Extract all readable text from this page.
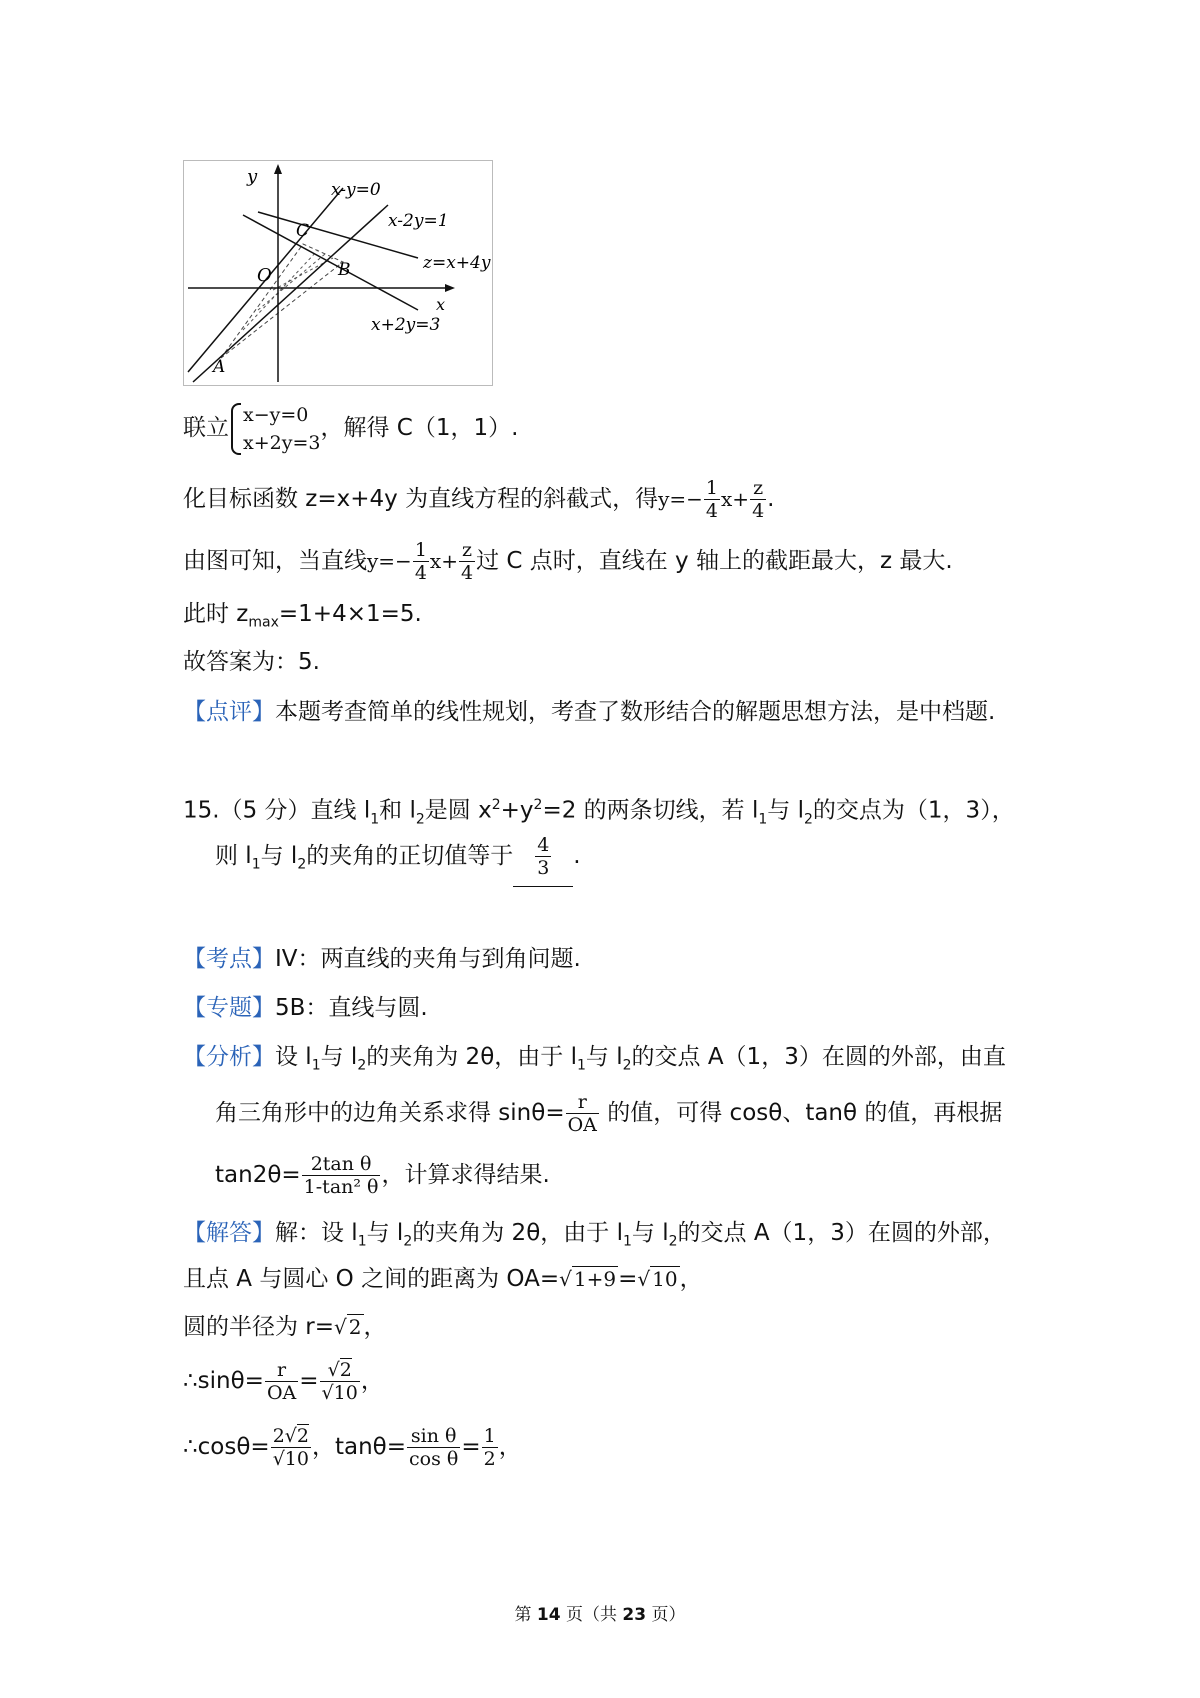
y
x
O
A
B
C
x-y=0
x-2y=1
z=x+4y
x+2y=3
联立
x−y=0
x+2y=3
，解得 C（1，1）.
化目标函数 z=x+4y 为直线方程的斜截式，得$y=- \frac{1}{4} x+ \frac{z}{4}$ .
由图可知，当直线$y=- \frac{1}{4} x+ \frac{z}{4}$ 过 C 点时，直线在 y 轴上的截距最大，z 最大.
此时 $z_{max}=1+4\times 1=5$.
故答案为：5.
【点评】本题考查简单的线性规划，考查了数形结合的解题思想方法，是中档题.
15.（5 分）直线 $l_1$和 $l_2$是圆 $x^2+y^2=2$ 的两条切线，若 $l_1$与 $l_2$的交点为（1，3），
则 $l_1$与 $l_2$的夹角的正切值等于 $\frac{4}{3}$ .
【考点】IV：两直线的夹角与到角问题.
【专题】5B：直线与圆.
【分析】设 $l_1$与 $l_2$的夹角为 2θ，由于 $l_1$与 $l_2$的交点 A（1，3）在圆的外部，由直
角三角形中的边角关系求得 $\sin\theta= \frac{r}{OA}$ 的值，可得 cosθ、tanθ 的值，再根据
$\tan 2\theta= \frac{\text{2tan θ}}{\text{1-tan² θ}}$ ，计算求得结果.
【解答】解：设 $l_1$与 $l_2$的夹角为 2θ，由于 $l_1$与 $l_2$的交点 A（1，3）在圆的外部，
且点 A 与圆心 O 之间的距离为 OA=√ 1+9=√ 10，
圆的半径为 r=√ 2，
∴sinθ= $\frac{r}{OA} = \frac{√2}{√10}$ ，
∴cosθ= $\frac{2√2}{√10}$ ，$\tan\theta= \frac{\text{sin θ}}{\text{cos θ}} = \frac{1}{2}$ ，
第 14 页（共 23 页）
